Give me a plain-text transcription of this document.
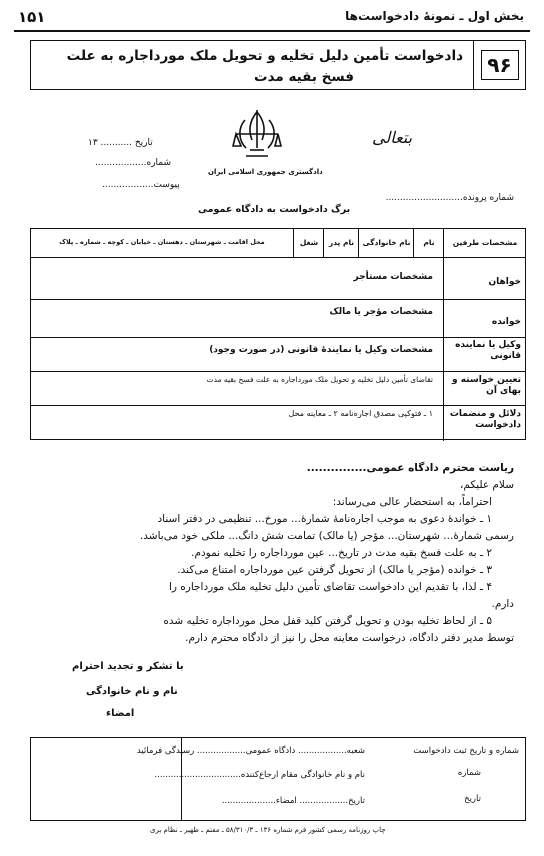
۱۵۱	بخش اول ـ نمونهٔ دادخواست‌ها
۹۶
دادخواست تأمین دلیل تخلیه و تحویل ملک مورداجاره به علت
فسخ بقیه مدت
بتعالی
دادگستری جمهوری اسلامی ایران
تاریخ ........... ۱۳
شماره..................
پیوست..................
شماره پرونده...........................
برگ دادخواست به دادگاه عمومی
مشخصات طرفین
نام
نام خانوادگی
نام پدر
شغل
محل اقامت ـ شهرستان ـ دهستان ـ خیابان ـ کوچه ـ شماره ـ پلاک
خواهان
مشخصات مستأجر
خوانده
مشخصات مؤجر یا مالک
وکیل یا نماینده قانونی
مشخصات وکیل یا نمایندهٔ قانونی (در صورت وجود)
تعیین خواسته و بهای آن
تقاضای تأمین دلیل تخلیه و تحویل ملک مورداجاره به علت فسخ بقیه مدت
دلائل و منضمات دادخواست
۱ ـ فتوکپی مصدق اجاره‌نامه ۲ ـ معاینه محل
ریاست محترم دادگاه عمومی...............
سلام علیکم،
احتراماً، به استحضار عالی می‌رساند:
۱ ـ خواندهٔ دعوی به موجب اجاره‌نامهٔ شمارهٔ... مورخ... تنظیمی در دفتر اسناد
رسمی شمارهٔ... شهرستان... مؤجر (یا مالک) تمامت شش دانگ... ملکی خود می‌باشد.
۲ ـ به علت فسخ بقیه مدت در تاریخ... عین مورداجاره را تخلیه نمودم.
۳ ـ خوانده (مؤجر یا مالک) از تحویل گرفتن عین مورداجاره امتناع می‌کند.
۴ ـ لذا، با تقدیم این دادخواست تقاضای تأمین دلیل تخلیه ملک مورداجاره را
دارم.
۵ ـ از لحاظ تخلیه بودن و تحویل گرفتن کلید قفل محل مورداجاره تخلیه شده
توسط مدیر دفتر دادگاه، درخواست معاینه محل را نیز از دادگاه محترم دارم.
با تشکر و تجدید احترام
نام و نام خانوادگی
امضاء
شماره و تاریخ ثبت دادخواست
شماره
تاریخ
شعبه.................. دادگاه عمومی.................. رسیدگی فرمائید
نام و نام خانوادگی مقام ارجاع‌کننده................................
تاریخ.................. امضاء....................
چاپ روزنامه رسمی کشور فرم شماره ۱۳۶ ـ ۵۸/۳۱۰/۳ ـ مفتم ـ ظهیر ـ نظام بری
